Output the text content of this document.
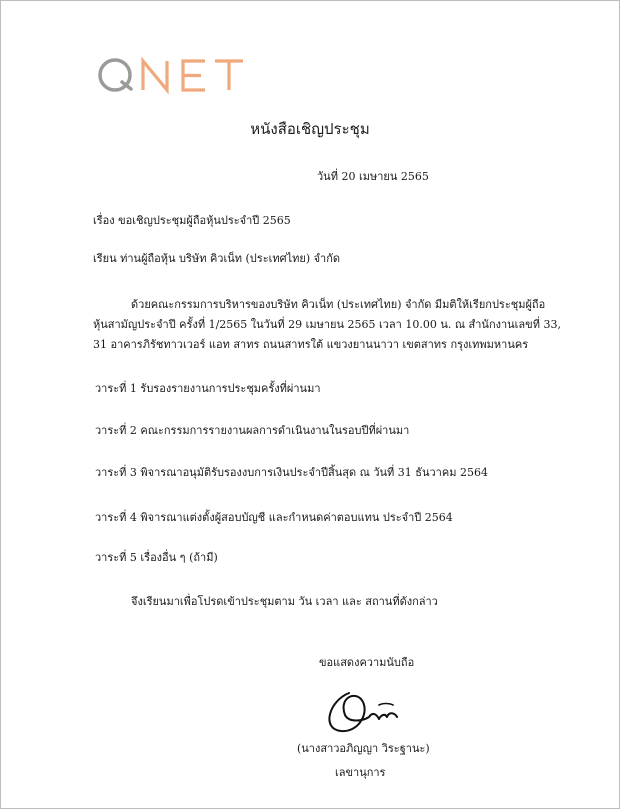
หนังสือเชิญประชุม
วันที่ 20 เมษายน 2565
เรื่อง ขอเชิญประชุมผู้ถือหุ้นประจำปี 2565
เรียน ท่านผู้ถือหุ้น บริษัท คิวเน็ท (ประเทศไทย) จำกัด
ด้วยคณะกรรมการบริหารของบริษัท คิวเน็ท (ประเทศไทย) จำกัด มีมติให้เรียกประชุมผู้ถือ
หุ้นสามัญประจำปี ครั้งที่ 1/2565 ในวันที่ 29 เมษายน 2565 เวลา 10.00 น. ณ สำนักงานเลขที่ 33,
31 อาคารภิรัชทาวเวอร์ แอท สาทร ถนนสาทรใต้ แขวงยานนาวา เขตสาทร กรุงเทพมหานคร
วาระที่ 1 รับรองรายงานการประชุมครั้งที่ผ่านมา
วาระที่ 2 คณะกรรมการรายงานผลการดำเนินงานในรอบปีที่ผ่านมา
วาระที่ 3 พิจารณาอนุมัติรับรองงบการเงินประจำปีสิ้นสุด ณ วันที่ 31 ธันวาคม 2564
วาระที่ 4 พิจารณาแต่งตั้งผู้สอบบัญชี และกำหนดค่าตอบแทน ประจำปี 2564
วาระที่ 5 เรื่องอื่น ๆ (ถ้ามี)
จึงเรียนมาเพื่อโปรดเข้าประชุมตาม วัน เวลา และ สถานที่ดังกล่าว
ขอแสดงความนับถือ
(นางสาวอภิญญา วิระฐานะ)
เลขานุการ
